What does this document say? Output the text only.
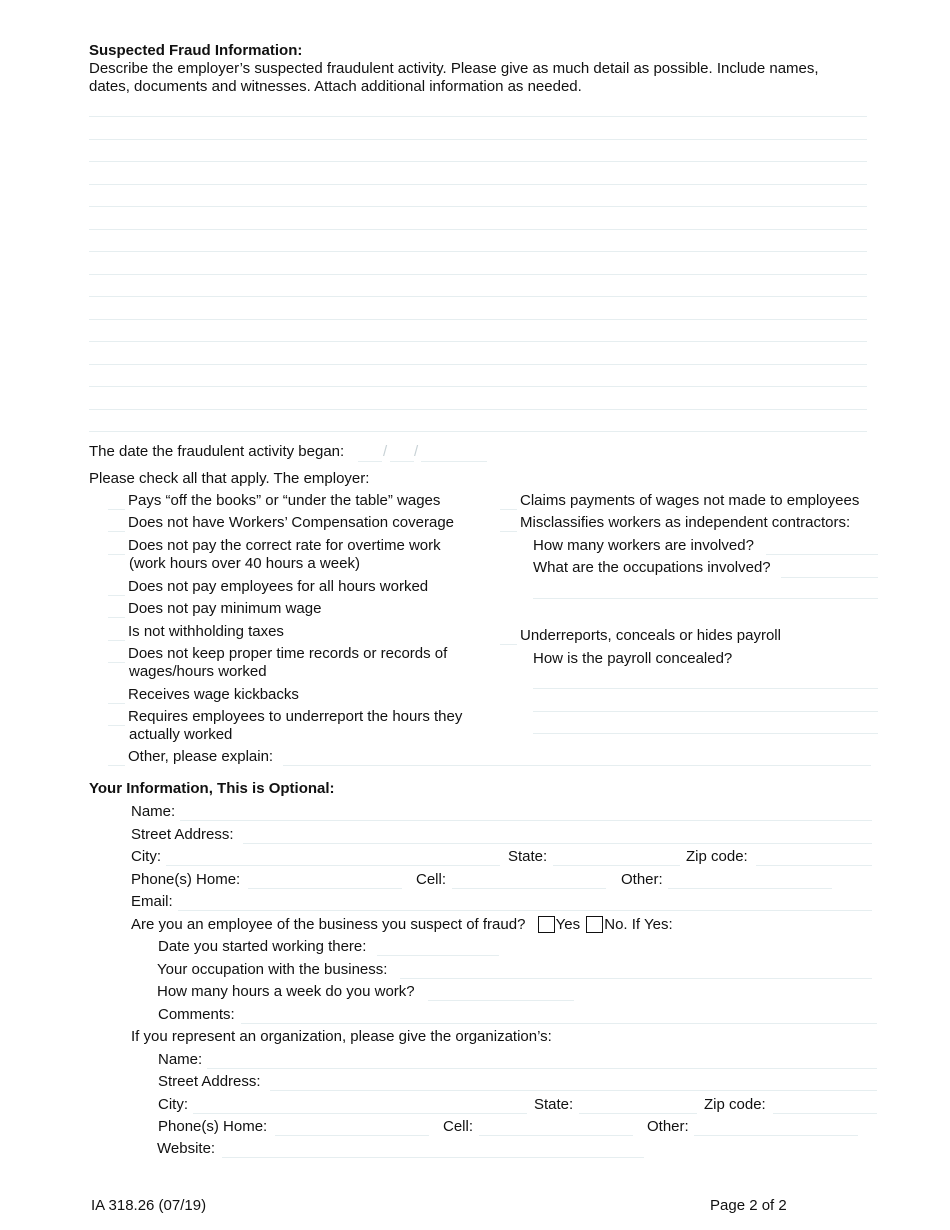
Suspected Fraud Information:
Describe the employer’s suspected fraudulent activity. Please give as much detail as possible. Include names,
dates, documents and witnesses. Attach additional information as needed.
The date the fraudulent activity began:	/ /
Please check all that apply. The employer:
Pays “off the books” or “under the table” wages
Does not have Workers’ Compensation coverage
Does not pay the correct rate for overtime work
(work hours over 40 hours a week)
Does not pay employees for all hours worked
Does not pay minimum wage
Is not withholding taxes
Does not keep proper time records or records of
wages/hours worked
Receives wage kickbacks
Requires employees to underreport the hours they
actually worked
Other, please explain:
Claims payments of wages not made to employees
Misclassifies workers as independent contractors:
How many workers are involved?
What are the occupations involved?
Underreports, conceals or hides payroll
How is the payroll concealed?
Your Information, This is Optional:
Name:
Street Address:
City:	State:	Zip code:
Phone(s) Home:	Cell:	Other:
Email:
Are you an employee of the business you suspect of fraud? Yes No. If Yes:
Date you started working there:
Your occupation with the business:
How many hours a week do you work?
Comments:
If you represent an organization, please give the organization’s:
Name:
Street Address:
City:	State:	Zip code:
Phone(s) Home:	Cell:	Other:
Website:
IA 318.26 (07/19)	Page 2 of 2
